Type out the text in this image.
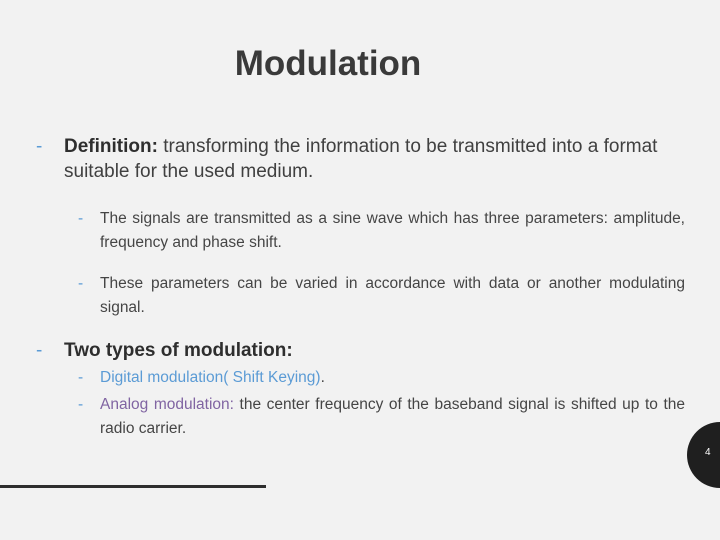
Modulation
- Definition: transforming the information to be transmitted into a format suitable for the used medium.
- The signals are transmitted as a sine wave which has three parameters: amplitude, frequency and phase shift.
- These parameters can be varied in accordance with data or another modulating signal.
- Two types of modulation:
- Digital modulation( Shift Keying).
- Analog modulation: the center frequency of the baseband signal is shifted up to the radio carrier.
4
